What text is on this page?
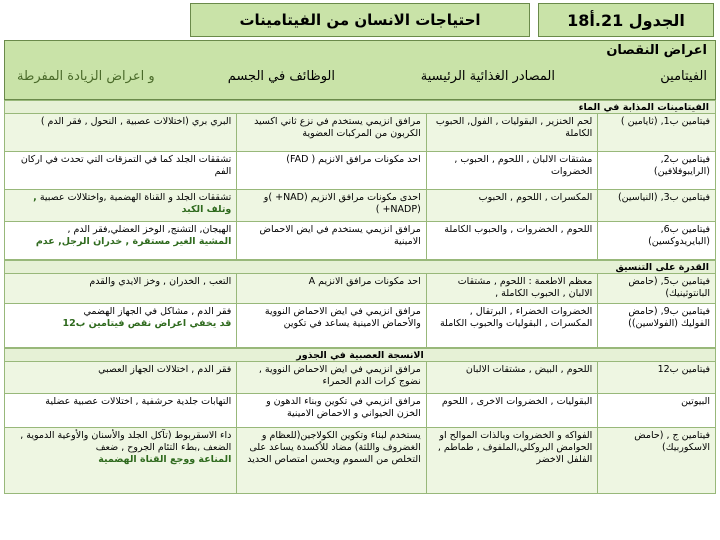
احتياجات الانسان من الفيتامينات	الجدول 21.أ18
اعراض النقصان
الفيتامين
المصادر الغذائية الرئيسية
الوظائف في الجسم
و اعراض الزيادة المفرطة
الفيتامينات المذابة في الماء
فيتامين ب1, (ثايامين )
لحم الخنزير , البقوليات , الفول, الحبوب الكاملة
مرافق انزيمي يستخدم في نزع ثاني اكسيد الكربون من المركبات العضوية
البري بري (اختلالات عصبية , النحول , فقر الدم )
فيتامين ب2, (الرايبوفلافين)
مشتقات الالبان , اللحوم , الحبوب , الخضروات
احد مكونات مرافق الانزيم ( FAD)
تشققات الجلد كما في التمزقات التي تحدث في اركان الفم
فيتامين ب3, (النياسين)
المكسرات , اللحوم , الحبوب
احدى مكونات مرافق الانزيم (NAD+ )و (NADP+ )
تشققات الجلد و القناة الهضمية ,واختلالات عصبية , وتلف الكبد
فيتامين ب6, (البايريدوكسين)
اللحوم , الخضروات , والحبوب الكاملة
مرافق انزيمي يستخدم في ايض الاحماض الامينية
الهيجان, التشنج, الوخز العضلي,فقر الدم ,
المشية الغير مستقرة , خدران الرجل, عدم
القدرة على التنسيق
فيتامين ب5, (حامض البانتوثينيك)
معظم الاطعمة : اللحوم , مشتقات الالبان , الحبوب الكاملة ,
احد مكونات مرافق الانزيم A
التعب , الخدران , وخز الايدي والقدم
فيتامين ب9, (حامض الفوليك (الفولاسين))
الخضروات الخضراء , البرتقال , المكسرات , البقوليات والحبوب الكاملة
مرافق انزيمي في ايض الاحماض النووية والأحماض الامينية يساعد في تكوين
فقر الدم , مشاكل في الجهاز الهضمي
قد يخفي اعراض نقص فيتامين ب12
الانسجة العصبية في الجذور
فيتامين ب12
اللحوم , البيض , مشتقات الالبان
مرافق انزيمي في ايض الاحماض النووية , نضوج كرات الدم الحمراء
فقر الدم , اختلالات الجهاز العصبي
البيوتين
البقوليات , الخضروات الاخرى , اللحوم
مرافق انزيمي في تكوين وبناء الدهون و الخزن الحيواني و الاحماض الامينية
التهابات جلدية حرشفية , اختلالات عصبية عضلية
فيتامين ج , (حامض الاسكوربيك)
الفواكه و الخضروات وبالذات الموالح او الحوامض البروكلي,الملفوف , طماطم , الفلفل الاخضر
يستخدم لبناء وتكوين الكولاجين(للعظام و الغضروف واللثة) مضاد للأكسدة يساعد على التخلص من السموم ويحسن امتصاص الحديد
داء الاسقربوط (تآكل الجلد والأسنان والأوعية الدموية , الضعف ,بطء التئام الجروح , ضعف
المناعة ووجع القناة الهضمية
